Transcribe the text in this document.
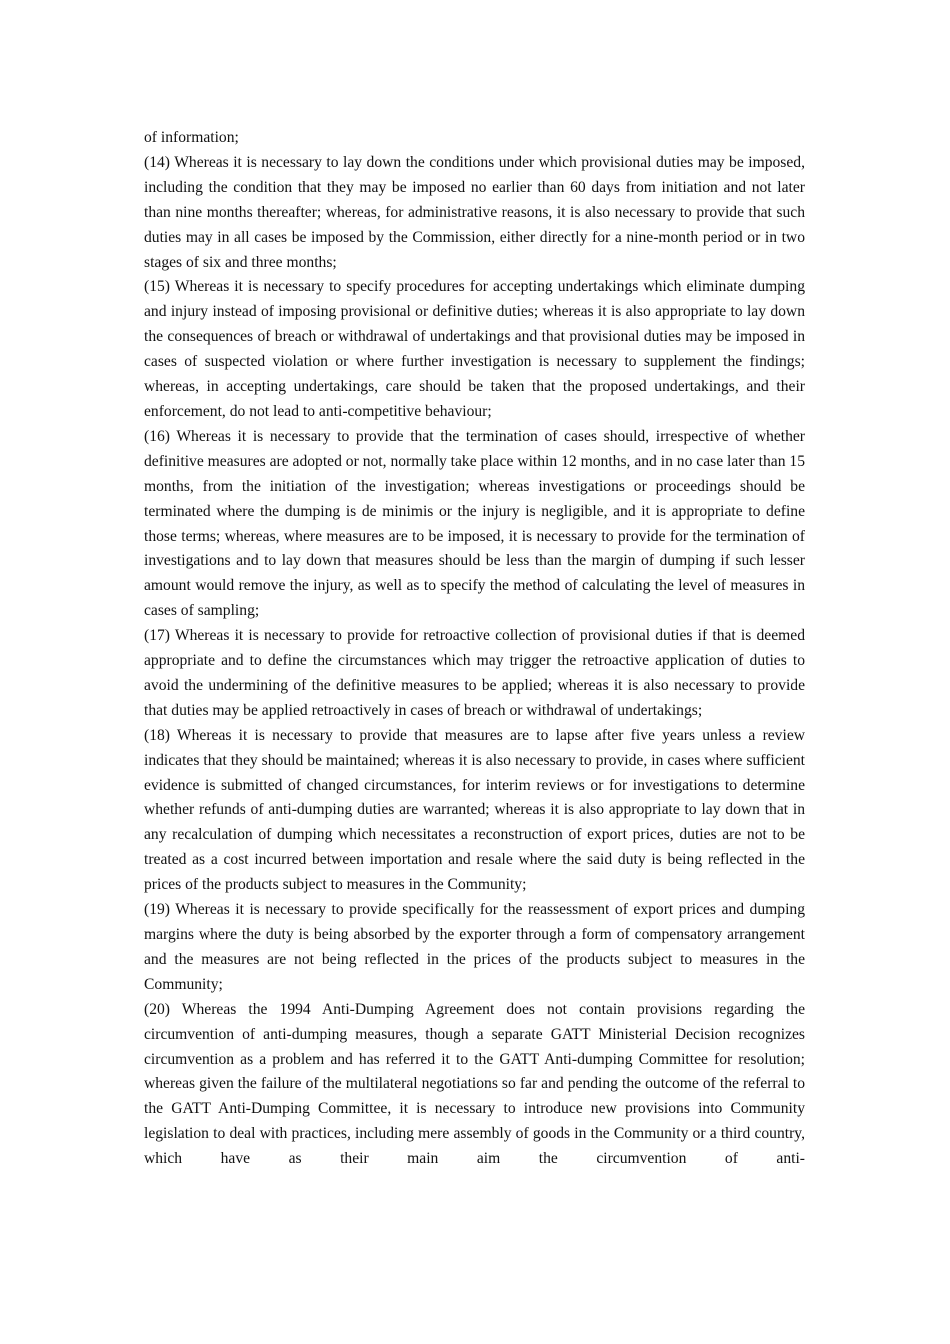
of information;

(14) Whereas it is necessary to lay down the conditions under which provisional duties may be imposed, including the condition that they may be imposed no earlier than 60 days from initiation and not later than nine months thereafter; whereas, for administrative reasons, it is also necessary to provide that such duties may in all cases be imposed by the Commission, either directly for a nine-month period or in two stages of six and three months;

(15) Whereas it is necessary to specify procedures for accepting undertakings which eliminate dumping and injury instead of imposing provisional or definitive duties; whereas it is also appropriate to lay down the consequences of breach or withdrawal of undertakings and that provisional duties may be imposed in cases of suspected violation or where further investigation is necessary to supplement the findings; whereas, in accepting undertakings, care should be taken that the proposed undertakings, and their enforcement, do not lead to anti-competitive behaviour;

(16) Whereas it is necessary to provide that the termination of cases should, irrespective of whether definitive measures are adopted or not, normally take place within 12 months, and in no case later than 15 months, from the initiation of the investigation; whereas investigations or proceedings should be terminated where the dumping is de minimis or the injury is negligible, and it is appropriate to define those terms; whereas, where measures are to be imposed, it is necessary to provide for the termination of investigations and to lay down that measures should be less than the margin of dumping if such lesser amount would remove the injury, as well as to specify the method of calculating the level of measures in cases of sampling;

(17) Whereas it is necessary to provide for retroactive collection of provisional duties if that is deemed appropriate and to define the circumstances which may trigger the retroactive application of duties to avoid the undermining of the definitive measures to be applied; whereas it is also necessary to provide that duties may be applied retroactively in cases of breach or withdrawal of undertakings;

(18) Whereas it is necessary to provide that measures are to lapse after five years unless a review indicates that they should be maintained; whereas it is also necessary to provide, in cases where sufficient evidence is submitted of changed circumstances, for interim reviews or for investigations to determine whether refunds of anti-dumping duties are warranted; whereas it is also appropriate to lay down that in any recalculation of dumping which necessitates a reconstruction of export prices, duties are not to be treated as a cost incurred between importation and resale where the said duty is being reflected in the prices of the products subject to measures in the Community;

(19) Whereas it is necessary to provide specifically for the reassessment of export prices and dumping margins where the duty is being absorbed by the exporter through a form of compensatory arrangement and the measures are not being reflected in the prices of the products subject to measures in the Community;

(20) Whereas the 1994 Anti-Dumping Agreement does not contain provisions regarding the circumvention of anti-dumping measures, though a separate GATT Ministerial Decision recognizes circumvention as a problem and has referred it to the GATT Anti-dumping Committee for resolution; whereas given the failure of the multilateral negotiations so far and pending the outcome of the referral to the GATT Anti-Dumping Committee, it is necessary to introduce new provisions into Community legislation to deal with practices, including mere assembly of goods in the Community or a third country, which have as their main aim the circumvention of anti-
